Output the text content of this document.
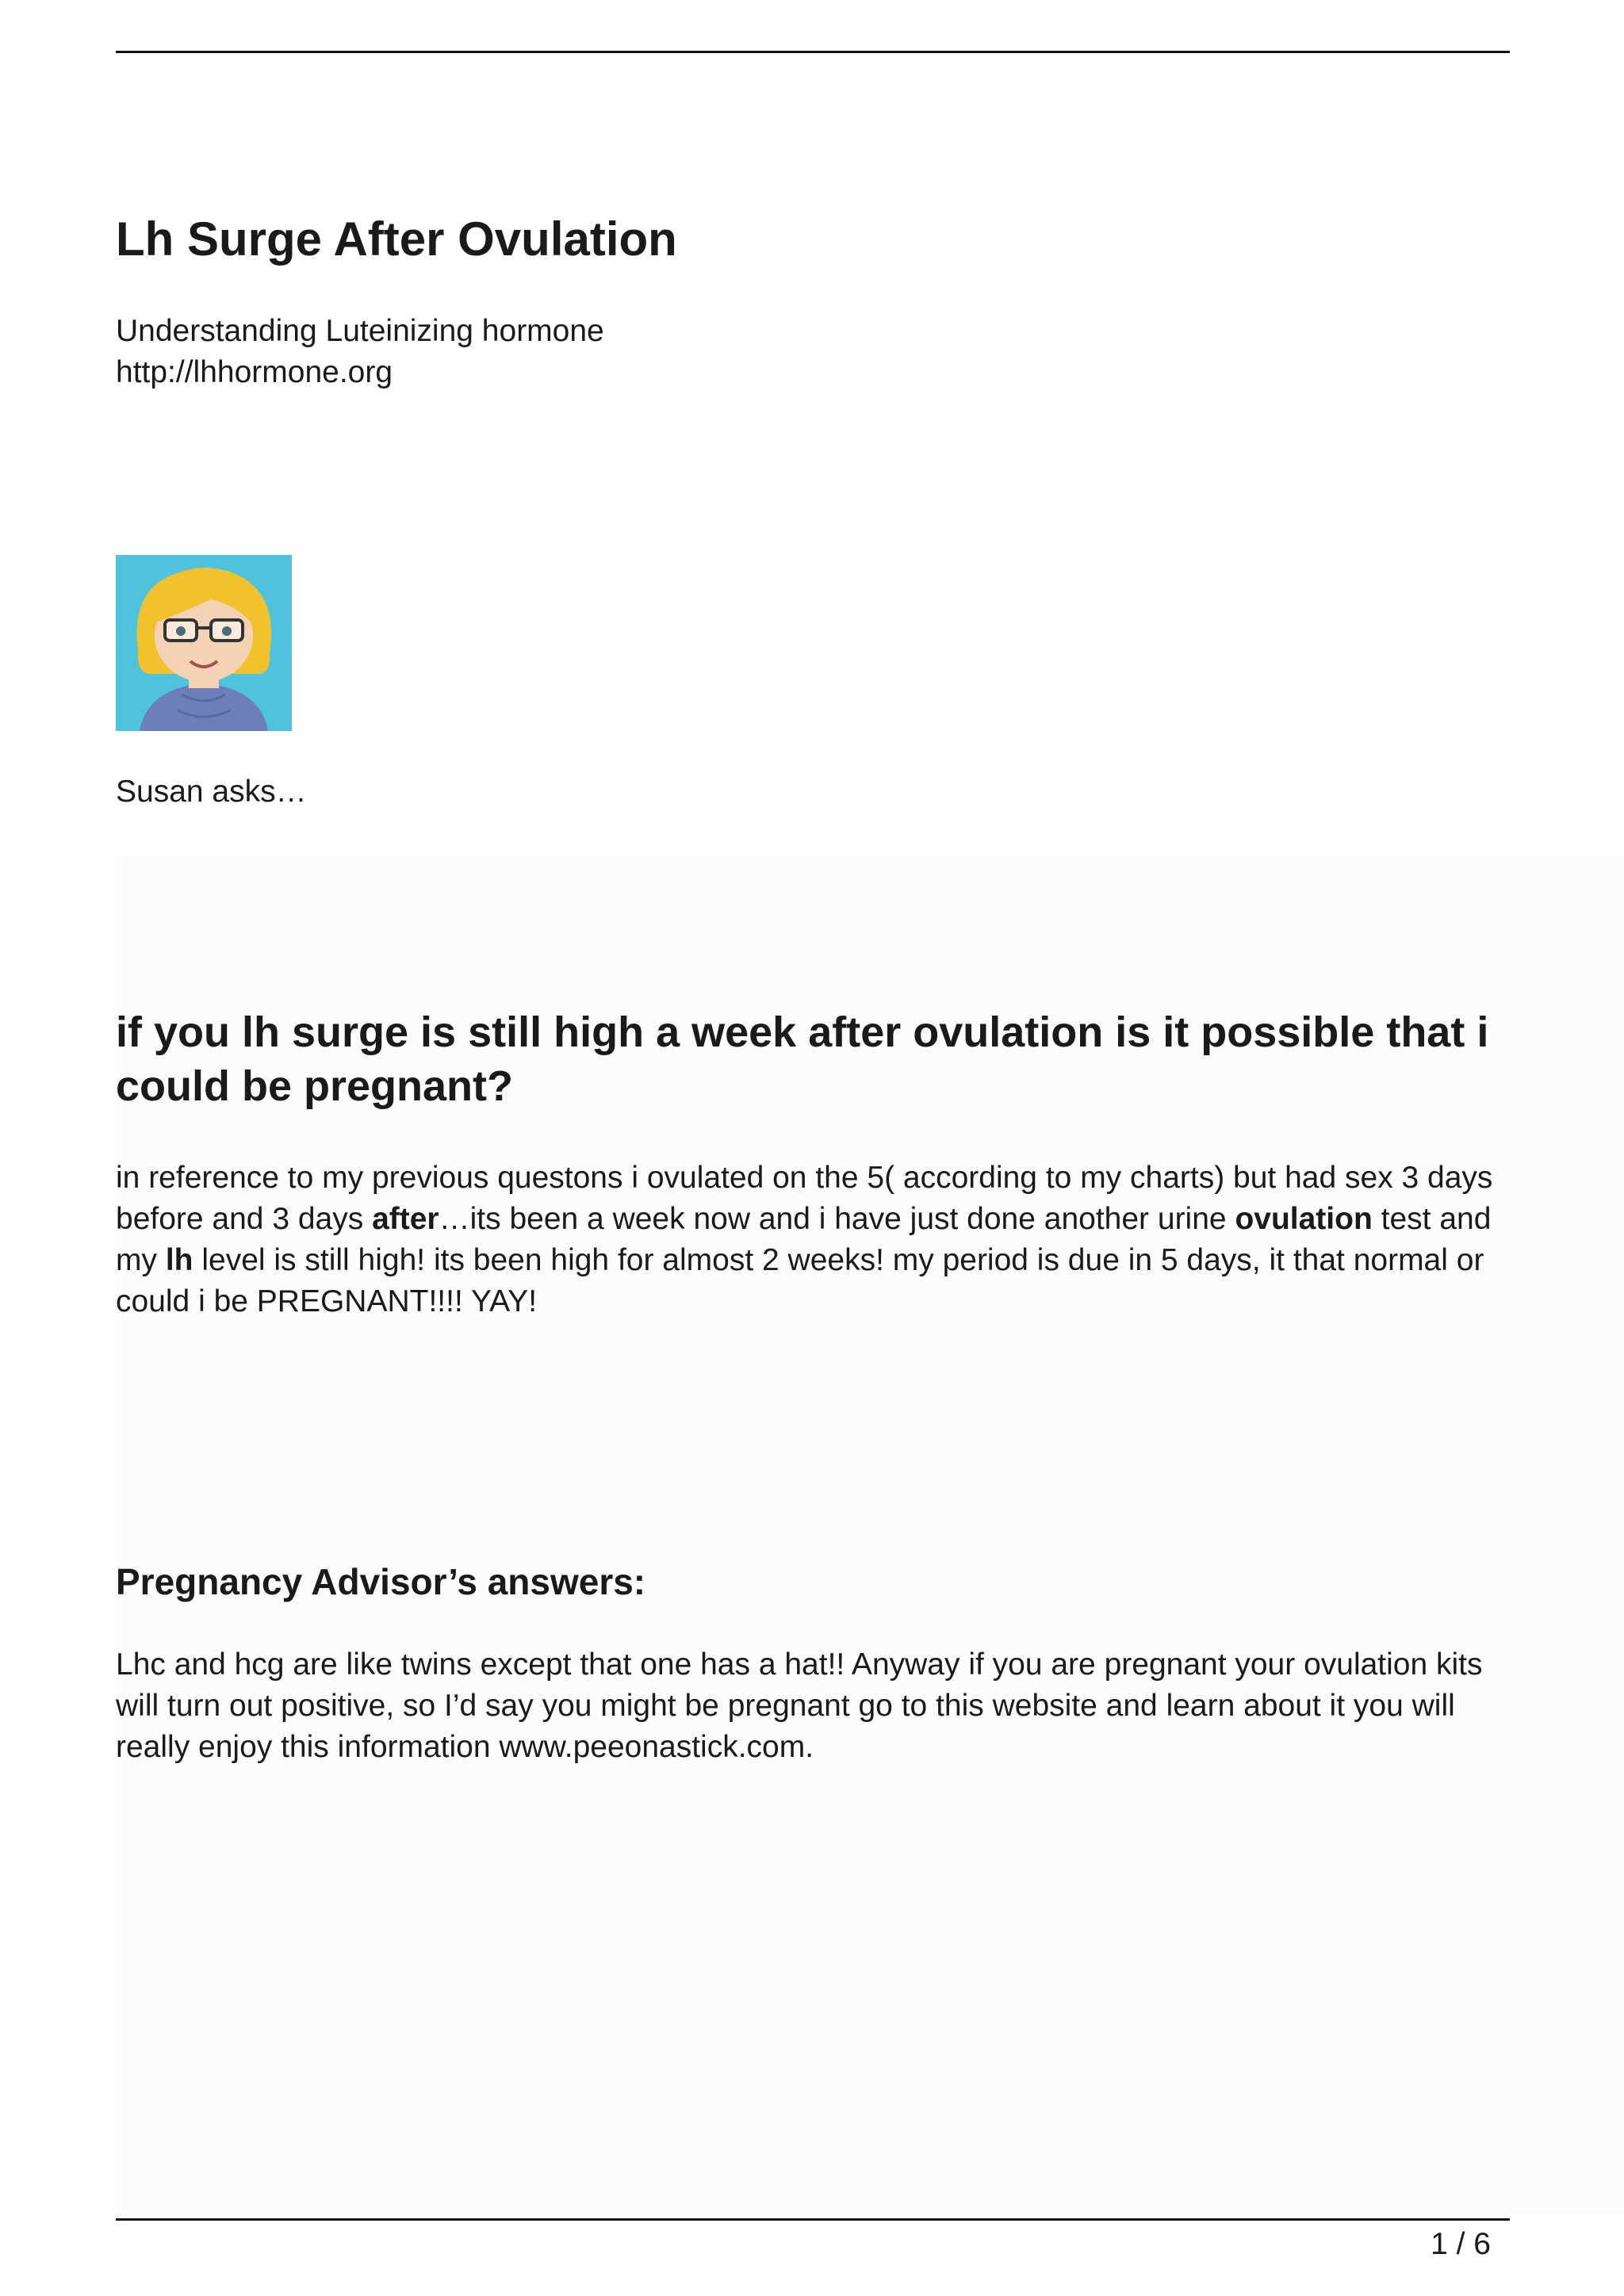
Lh Surge After Ovulation
Understanding Luteinizing hormone
http://lhhormone.org
Susan asks…
if you lh surge is still high a week after ovulation is it possible that i could be pregnant?
in reference to my previous questons i ovulated on the 5( according to my charts) but had sex 3 days before and 3 days after…its been a week now and i have just done another urine ovulation test and my lh level is still high! its been high for almost 2 weeks! my period is due in 5 days, it that normal or could i be PREGNANT!!!! YAY!
Pregnancy Advisor’s answers:
Lhc and hcg are like twins except that one has a hat!! Anyway if you are pregnant your ovulation kits will turn out positive, so I’d say you might be pregnant go to this website and learn about it you will really enjoy this information www.peeonastick.com.
1 / 6
